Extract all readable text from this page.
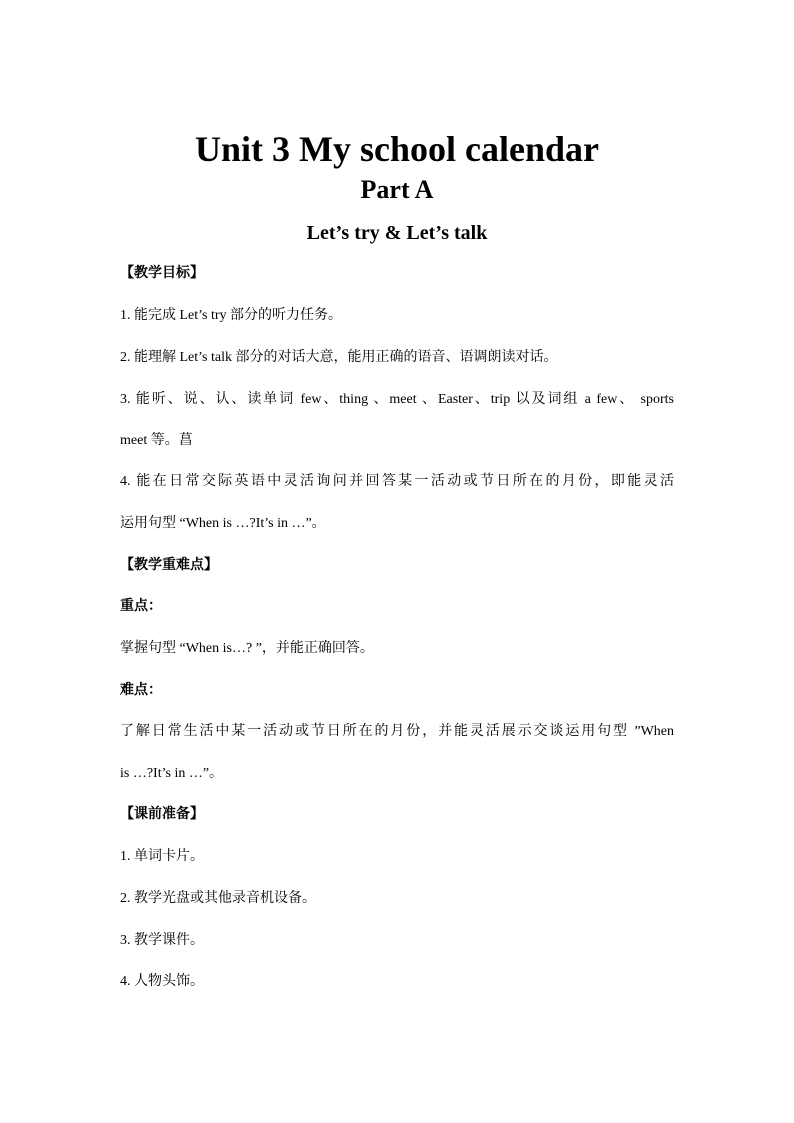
Unit 3 My school calendar
Part A
Let’s try & Let’s talk

【教学目标】

1. 能完成 Let’s try 部分的听力任务。

2. 能理解 Let’s talk 部分的对话大意，能用正确的语音、语调朗读对话。

3. 能听、说、认、读单词 few、thing 、meet 、Easter、trip 以及词组 a few、 sports

meet 等。菖

4. 能在日常交际英语中灵活询问并回答某一活动或节日所在的月份，即能灵活

运用句型 “When is …?It’s in …”。

【教学重难点】

重点：

掌握句型 “When is…? ”，并能正确回答。

难点：

了解日常生活中某一活动或节日所在的月份，并能灵活展示交谈运用句型 ”When

is …?It’s in …”。

【课前准备】

1. 单词卡片。

2. 教学光盘或其他录音机设备。

3. 教学课件。

4. 人物头饰。
